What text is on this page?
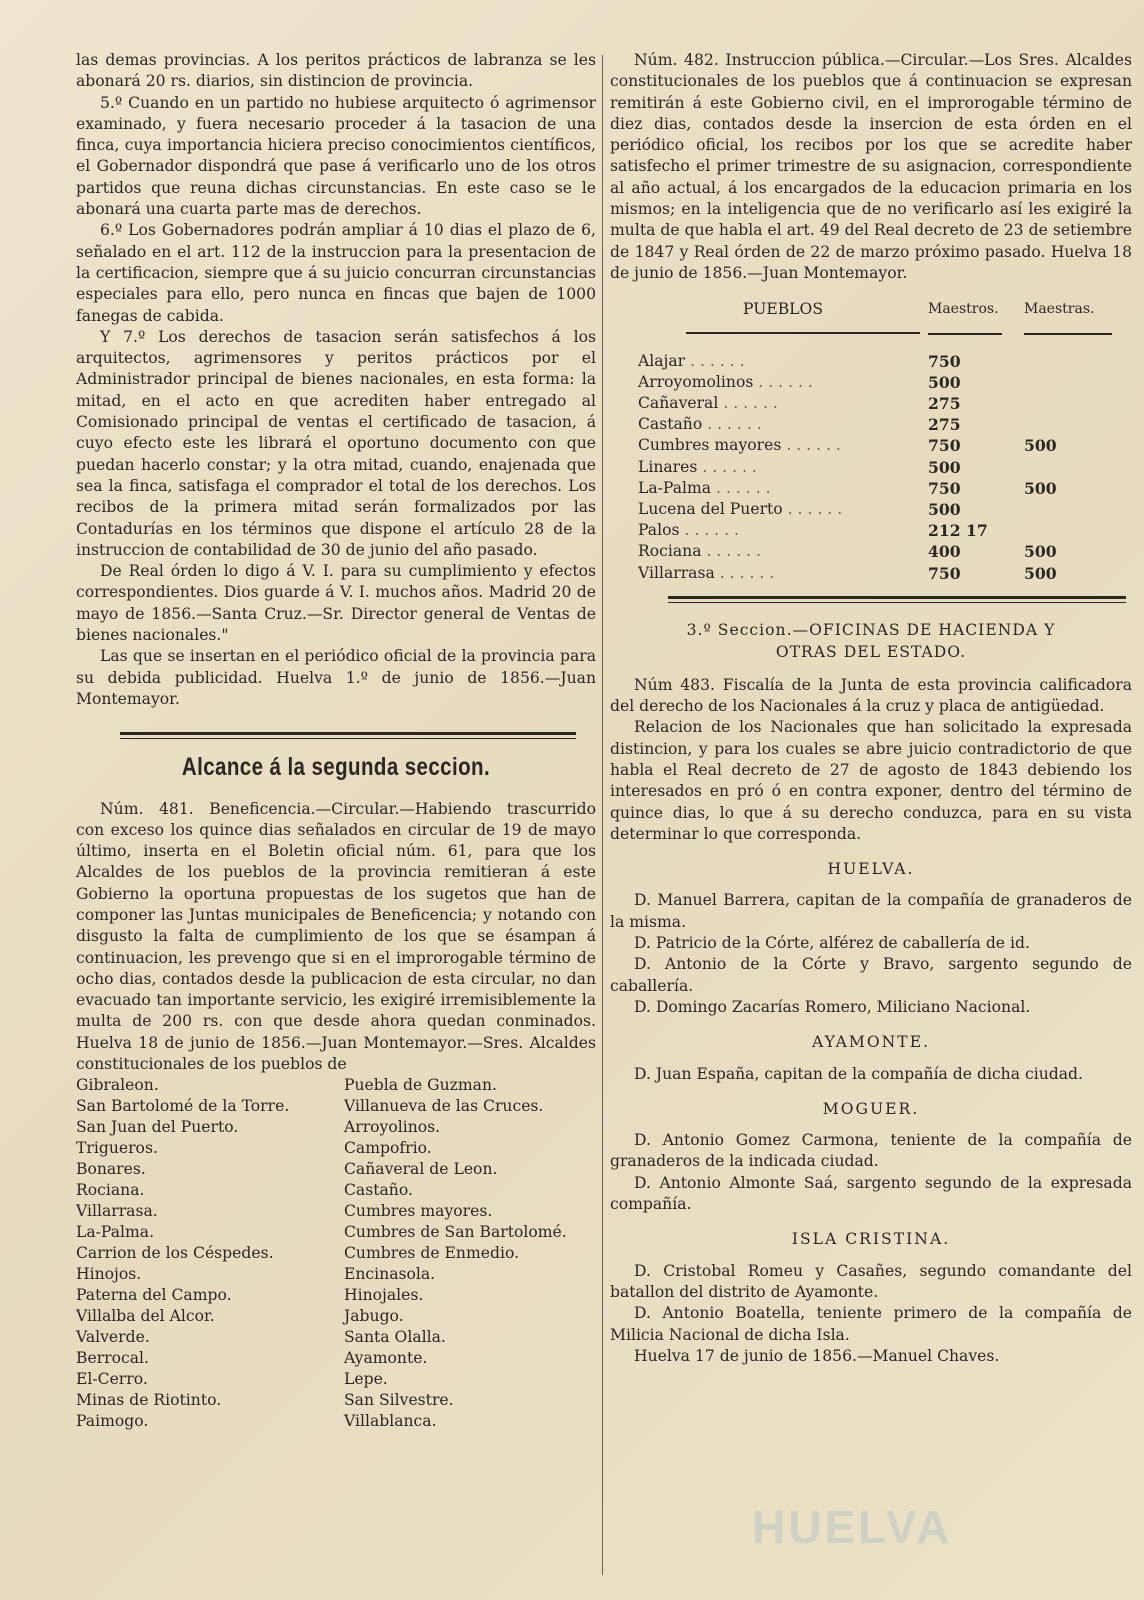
las demas provincias. A los peritos prácticos de labranza se les abonará 20 rs. diarios, sin distincion de provincia.

5.º Cuando en un partido no hubiese arquitecto ó agrimensor examinado, y fuera necesario proceder á la tasacion de una finca, cuya importancia hiciera preciso conocimientos científicos, el Gobernador dispondrá que pase á verificarlo uno de los otros partidos que reuna dichas circunstancias. En este caso se le abonará una cuarta parte mas de derechos.

6.º Los Gobernadores podrán ampliar á 10 dias el plazo de 6, señalado en el art. 112 de la instruccion para la presentacion de la certificacion, siempre que á su juicio concurran circunstancias especiales para ello, pero nunca en fincas que bajen de 1000 fanegas de cabida.

Y 7.º Los derechos de tasacion serán satisfechos á los arquitectos, agrimensores y peritos prácticos por el Administrador principal de bienes nacionales, en esta forma: la mitad, en el acto en que acrediten haber entregado al Comisionado principal de ventas el certificado de tasacion, á cuyo efecto este les librará el oportuno documento con que puedan hacerlo constar; y la otra mitad, cuando, enajenada que sea la finca, satisfaga el comprador el total de los derechos. Los recibos de la primera mitad serán formalizados por las Contadurías en los términos que dispone el artículo 28 de la instruccion de contabilidad de 30 de junio del año pasado.

De Real órden lo digo á V. I. para su cumplimiento y efectos correspondientes. Dios guarde á V. I. muchos años. Madrid 20 de mayo de 1856.—Santa Cruz.—Sr. Director general de Ventas de bienes nacionales."

Las que se insertan en el periódico oficial de la provincia para su debida publicidad. Huelva 1.º de junio de 1856.—Juan Montemayor.

Alcance á la segunda seccion.

Núm. 481. Beneficencia.—Circular.—Habiendo trascurrido con exceso los quince dias señalados en circular de 19 de mayo último, inserta en el Boletin oficial núm. 61, para que los Alcaldes de los pueblos de la provincia remitieran á este Gobierno la oportuna propuestas de los sugetos que han de componer las Juntas municipales de Beneficencia; y notando con disgusto la falta de cumplimiento de los que se ésampan á continuacion, les prevengo que si en el improrogable término de ocho dias, contados desde la publicacion de esta circular, no dan evacuado tan importante servicio, les exigiré irremisiblemente la multa de 200 rs. con que desde ahora quedan conminados. Huelva 18 de junio de 1856.—Juan Montemayor.—Sres. Alcaldes constitucionales de los pueblos de

Gibraleon.
San Bartolomé de la Torre.
San Juan del Puerto.
Trigueros.
Bonares.
Rociana.
Villarrasa.
La-Palma.
Carrion de los Céspedes.
Hinojos.
Paterna del Campo.
Villalba del Alcor.
Valverde.
Berrocal.
El-Cerro.
Minas de Riotinto.
Paimogo.
Puebla de Guzman.
Villanueva de las Cruces.
Arroyolinos.
Campofrio.
Cañaveral de Leon.
Castaño.
Cumbres mayores.
Cumbres de San Bartolomé.
Cumbres de Enmedio.
Encinasola.
Hinojales.
Jabugo.
Santa Olalla.
Ayamonte.
Lepe.
San Silvestre.
Villablanca.

Núm. 482. Instruccion pública.—Circular.—Los Sres. Alcaldes constitucionales de los pueblos que á continuacion se expresan remitirán á este Gobierno civil, en el improrogable término de diez dias, contados desde la insercion de esta órden en el periódico oficial, los recibos por los que se acredite haber satisfecho el primer trimestre de su asignacion, correspondiente al año actual, á los encargados de la educacion primaria en los mismos; en la inteligencia que de no verificarlo así les exigiré la multa de que habla el art. 49 del Real decreto de 23 de setiembre de 1847 y Real órden de 22 de marzo próximo pasado. Huelva 18 de junio de 1856.—Juan Montemayor.

PUEBLOS	Maestros.	Maestras.

Alajar . . . . . .	750	
Arroyomolinos . . . . . .	500	
Cañaveral . . . . . .	275	
Castaño . . . . . .	275	
Cumbres mayores . . . . . .	750	500
Linares . . . . . .	500	
La-Palma . . . . . .	750	500
Lucena del Puerto . . . . . .	500	
Palos . . . . . .	212 17	
Rociana . . . . . .	400	500
Villarrasa . . . . . .	750	500
3.º Seccion.—OFICINAS DE HACIENDA Y
OTRAS DEL ESTADO.

Núm 483. Fiscalía de la Junta de esta provincia calificadora del derecho de los Nacionales á la cruz y placa de antigüedad.

Relacion de los Nacionales que han solicitado la expresada distincion, y para los cuales se abre juicio contradictorio de que habla el Real decreto de 27 de agosto de 1843 debiendo los interesados en pró ó en contra exponer, dentro del término de quince dias, lo que á su derecho conduzca, para en su vista determinar lo que corresponda.

HUELVA.

D. Manuel Barrera, capitan de la compañía de granaderos de la misma.

D. Patricio de la Córte, alférez de caballería de id.

D. Antonio de la Córte y Bravo, sargento segundo de caballería.

D. Domingo Zacarías Romero, Miliciano Nacional.

AYAMONTE.

D. Juan España, capitan de la compañía de dicha ciudad.

MOGUER.

D. Antonio Gomez Carmona, teniente de la compañía de granaderos de la indicada ciudad.

D. Antonio Almonte Saá, sargento segundo de la expresada compañía.

ISLA CRISTINA.

D. Cristobal Romeu y Casañes, segundo comandante del batallon del distrito de Ayamonte.

D. Antonio Boatella, teniente primero de la compañía de Milicia Nacional de dicha Isla.

Huelva 17 de junio de 1856.—Manuel Chaves.

HUELVA
